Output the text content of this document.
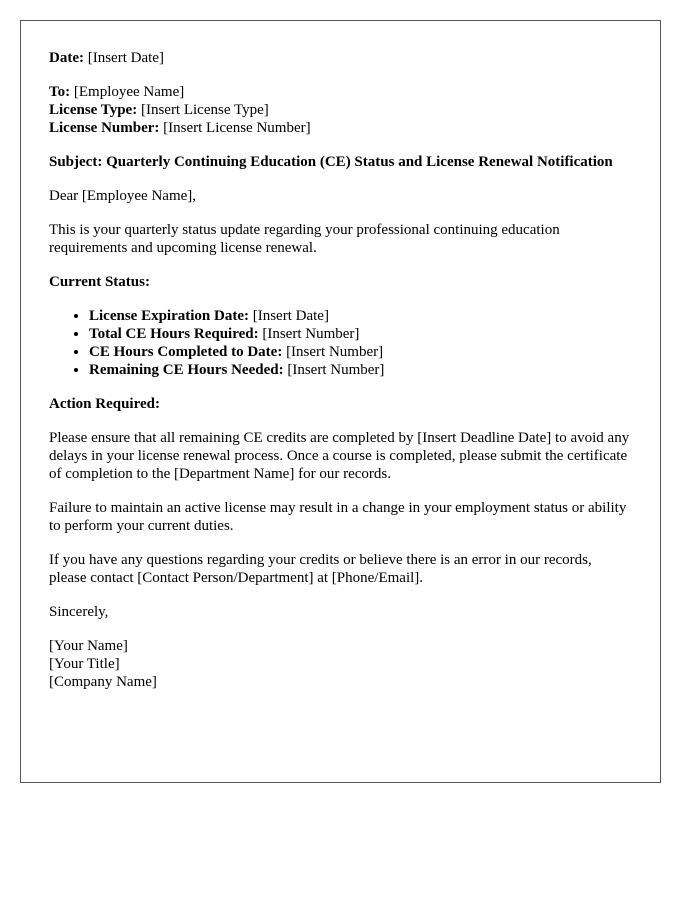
Date: [Insert Date]

To: [Employee Name]
License Type: [Insert License Type]
License Number: [Insert License Number]

Subject: Quarterly Continuing Education (CE) Status and License Renewal Notification

Dear [Employee Name],

This is your quarterly status update regarding your professional continuing education requirements and upcoming license renewal.

Current Status:

• License Expiration Date: [Insert Date]
• Total CE Hours Required: [Insert Number]
• CE Hours Completed to Date: [Insert Number]
• Remaining CE Hours Needed: [Insert Number]

Action Required:

Please ensure that all remaining CE credits are completed by [Insert Deadline Date] to avoid any delays in your license renewal process. Once a course is completed, please submit the certificate of completion to the [Department Name] for our records.

Failure to maintain an active license may result in a change in your employment status or ability to perform your current duties.

If you have any questions regarding your credits or believe there is an error in our records, please contact [Contact Person/Department] at [Phone/Email].

Sincerely,

[Your Name]
[Your Title]
[Company Name]
